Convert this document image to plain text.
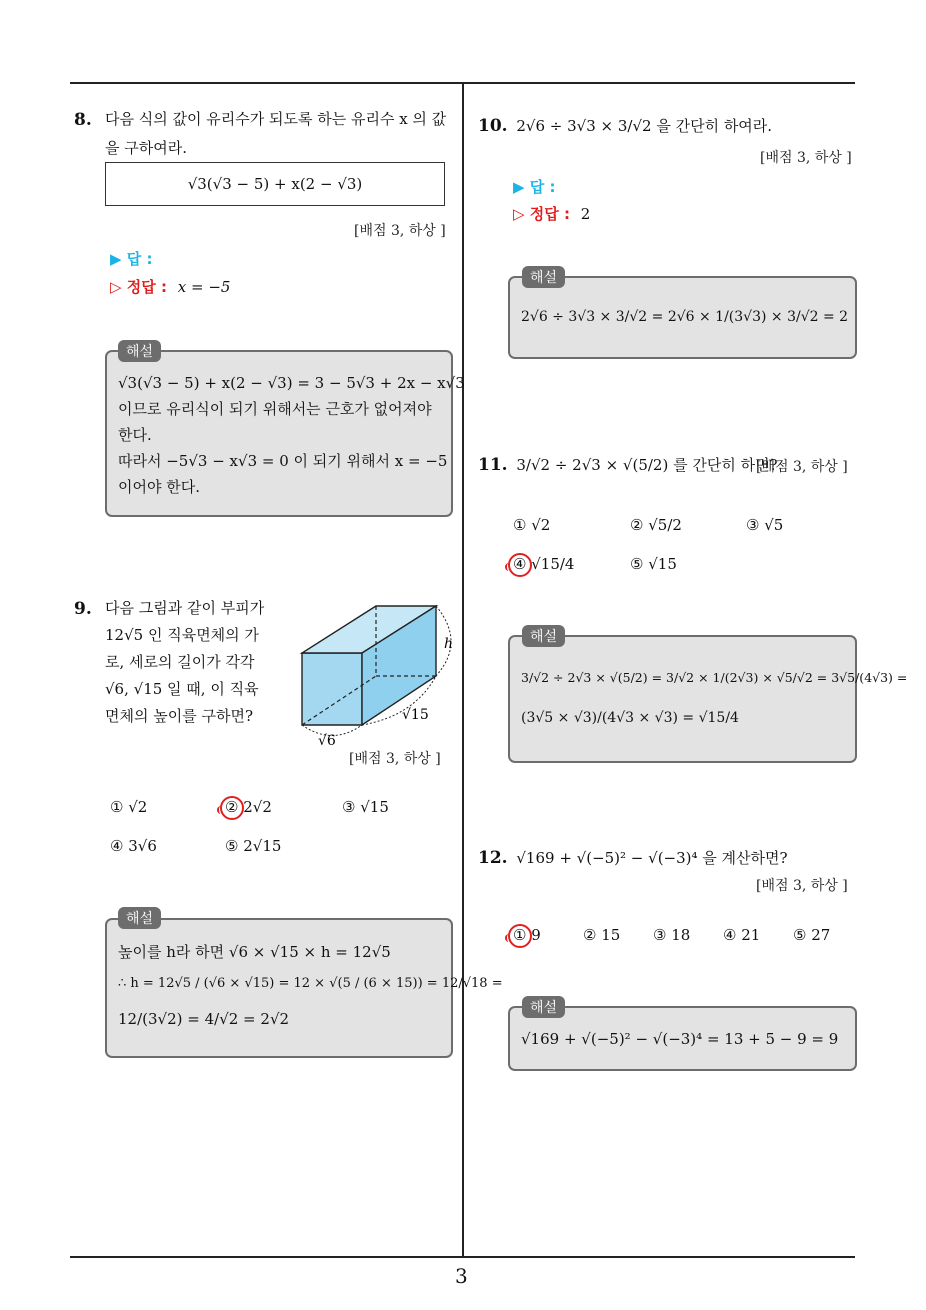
3
8. 다음 식의 값이 유리수가 되도록 하는 유리수 x 의 값
을 구하여라.
√3(√3 − 5) + x(2 − √3)
[배점 3, 하상 ]
▶ 답 :
▷ 정답 : x = −5
해설
√3(√3 − 5) + x(2 − √3) = 3 − 5√3 + 2x − x√3
이므로 유리식이 되기 위해서는 근호가 없어져야
한다.
따라서 −5√3 − x√3 = 0 이 되기 위해서 x = −5
이어야 한다.
9. 다음 그림과 같이 부피가
12√5 인 직육면체의 가
로, 세로의 길이가 각각
√6, √15 일 때, 이 직육
면체의 높이를 구하면?
h
√15
√6
[배점 3, 하상 ]
① √2	② 2√2	③ √15
④ 3√6	⑤ 2√15
해설
높이를 h라 하면 √6 × √15 × h = 12√5
∴ h = 12√5 / (√6 × √15) = 12 × √(5 / (6 × 15)) = 12/√18 =
12/(3√2) = 4/√2 = 2√2
10. 2√6 ÷ 3√3 × 3/√2 을 간단히 하여라.
[배점 3, 하상 ]
▶ 답 :
▷ 정답 : 2
해설
2√6 ÷ 3√3 × 3/√2 = 2√6 × 1/(3√3) × 3/√2 = 2
11. 3/√2 ÷ 2√3 × √(5/2) 를 간단히 하면?
[배점 3, 하상 ]
① √2	② √5/2	③ √5
④ √15/4	⑤ √15
해설
3/√2 ÷ 2√3 × √(5/2) = 3/√2 × 1/(2√3) × √5/√2 = 3√5/(4√3) =
(3√5 × √3)/(4√3 × √3) = √15/4
12. √169 + √(−5)² − √(−3)⁴ 을 계산하면?
[배점 3, 하상 ]
① 9	② 15 ③ 18 ④ 21 ⑤ 27
해설
√169 + √(−5)² − √(−3)⁴ = 13 + 5 − 9 = 9
